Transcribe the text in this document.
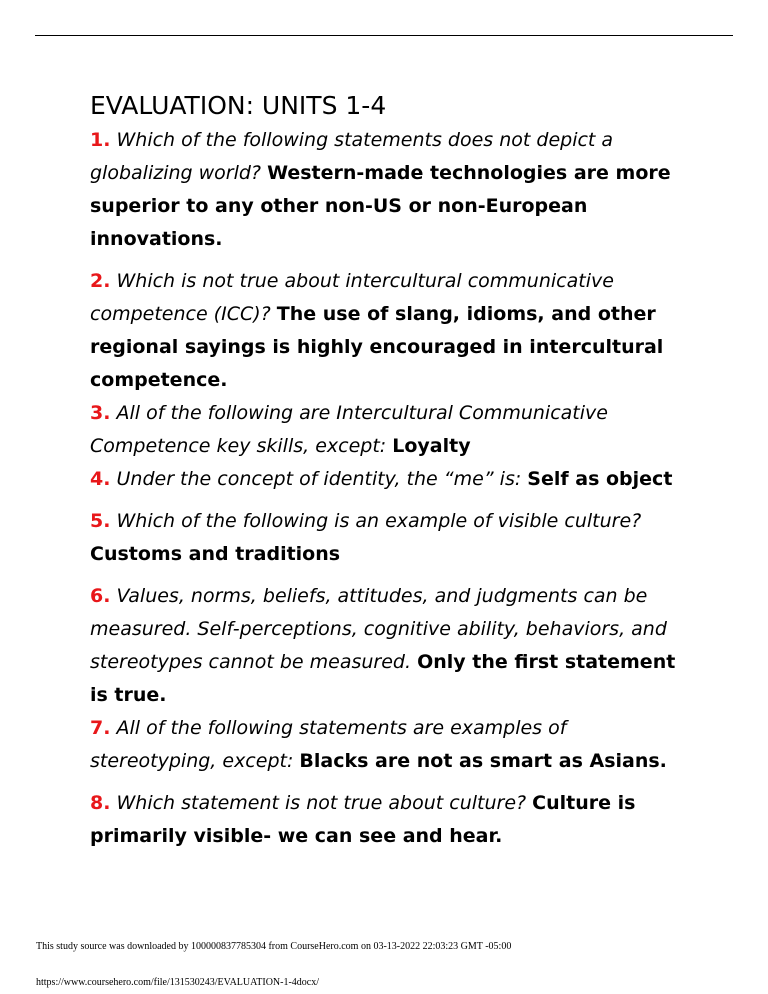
EVALUATION: UNITS 1-4

1. Which of the following statements does not depict a globalizing world? Western-made technologies are more superior to any other non-US or non-European innovations.

2. Which is not true about intercultural communicative competence (ICC)? The use of slang, idioms, and other regional sayings is highly encouraged in intercultural competence.

3. All of the following are Intercultural Communicative Competence key skills, except: Loyalty

4. Under the concept of identity, the “me” is: Self as object

5. Which of the following is an example of visible culture? Customs and traditions

6. Values, norms, beliefs, attitudes, and judgments can be measured. Self-perceptions, cognitive ability, behaviors, and stereotypes cannot be measured. Only the first statement is true.

7. All of the following statements are examples of stereotyping, except: Blacks are not as smart as Asians.

8. Which statement is not true about culture? Culture is primarily visible- we can see and hear.

This study source was downloaded by 100000837785304 from CourseHero.com on 03-13-2022 22:03:23 GMT -05:00
https://www.coursehero.com/file/131530243/EVALUATION-1-4docx/
